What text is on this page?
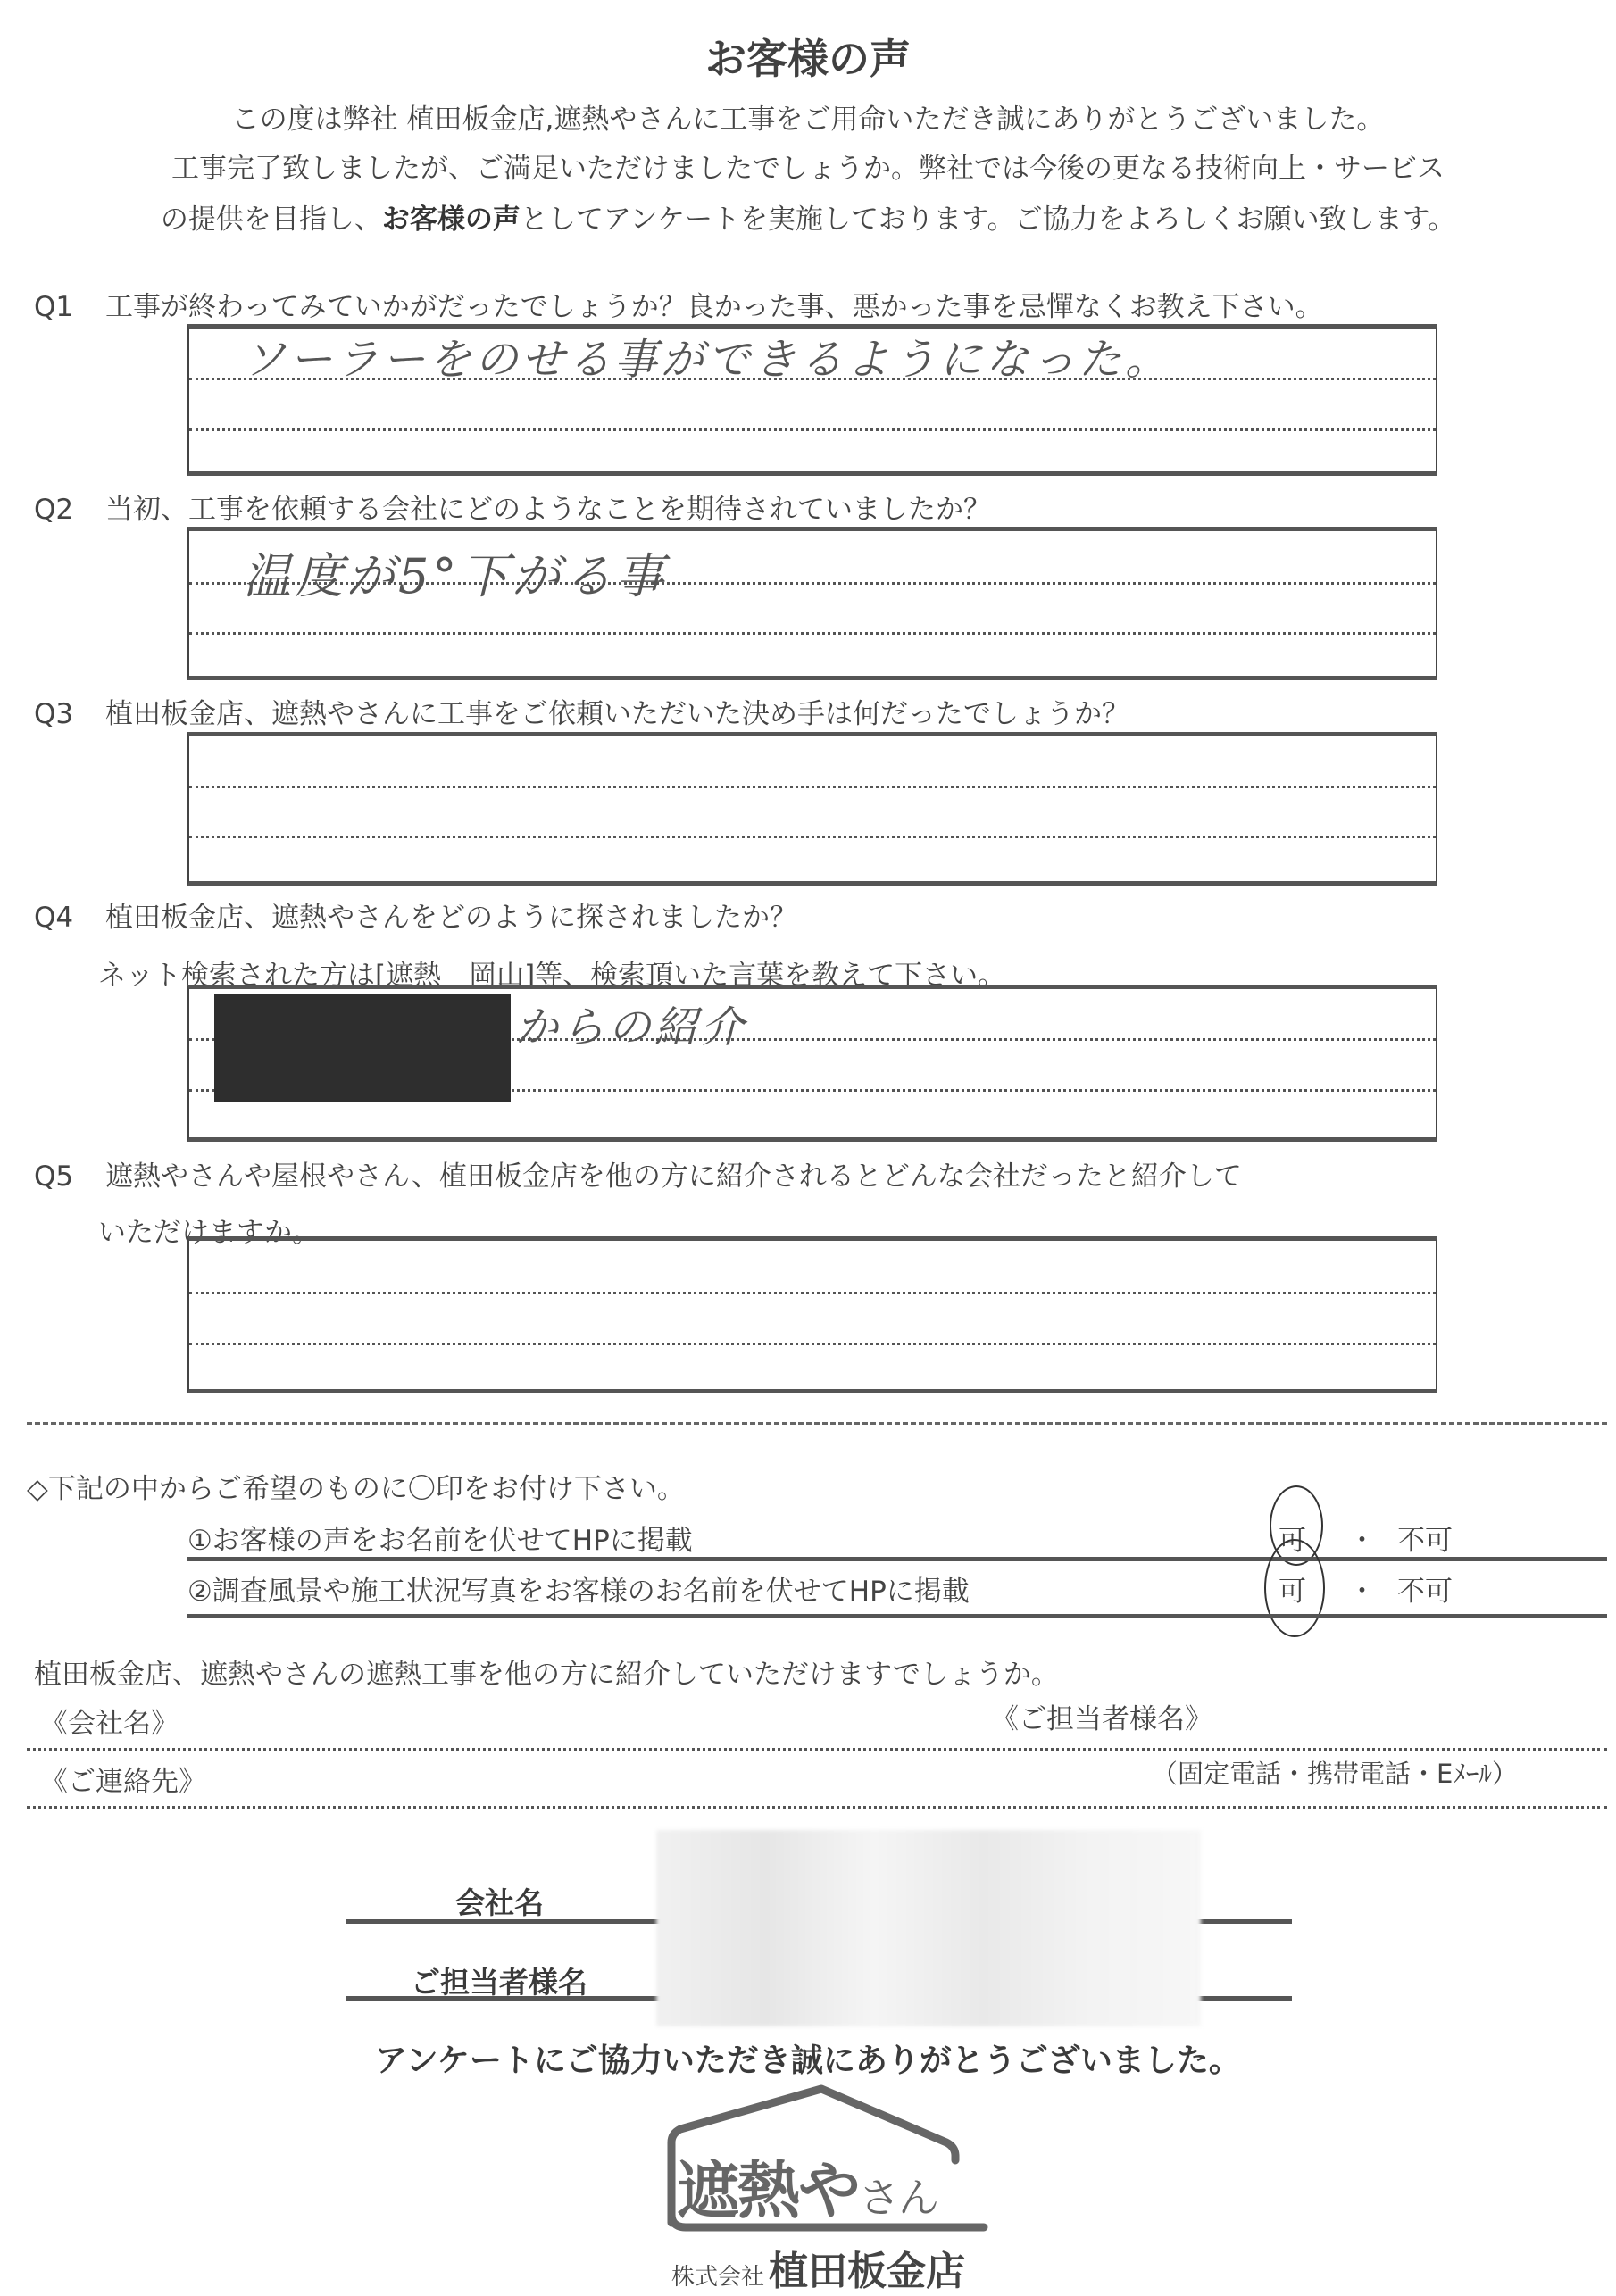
お客様の声
この度は弊社 植田板金店,遮熱やさんに工事をご用命いただき誠にありがとうございました。
工事完了致しましたが、ご満足いただけましたでしょうか。弊社では今後の更なる技術向上・サービス
の提供を目指し、お客様の声としてアンケートを実施しております。ご協力をよろしくお願い致します。
Q1 工事が終わってみていかがだったでしょうか？良かった事、悪かった事を忌憚なくお教え下さい。
ソーラーをのせる事ができるようになった。
Q2 当初、工事を依頼する会社にどのようなことを期待されていましたか？
温度が5°下がる事
Q3 植田板金店、遮熱やさんに工事をご依頼いただいた決め手は何だったでしょうか？
Q4 植田板金店、遮熱やさんをどのように探されましたか？
ネット検索された方は[遮熱　岡山]等、検索頂いた言葉を教えて下さい。
からの紹介
Q5 遮熱やさんや屋根やさん、植田板金店を他の方に紹介されるとどんな会社だったと紹介して
いただけますか。
◇下記の中からご希望のものに〇印をお付け下さい。
①お客様の声をお名前を伏せてHPに掲載	可 ・ 不可
②調査風景や施工状況写真をお客様のお名前を伏せてHPに掲載	可 ・ 不可
植田板金店、遮熱やさんの遮熱工事を他の方に紹介していただけますでしょうか。
《会社名》	《ご担当者様名》
《ご連絡先》	（固定電話・携帯電話・Eﾒｰﾙ）
会社名
ご担当者様名
アンケートにご協力いただき誠にありがとうございました。
遮熱やさん
株式会社 植田板金店
